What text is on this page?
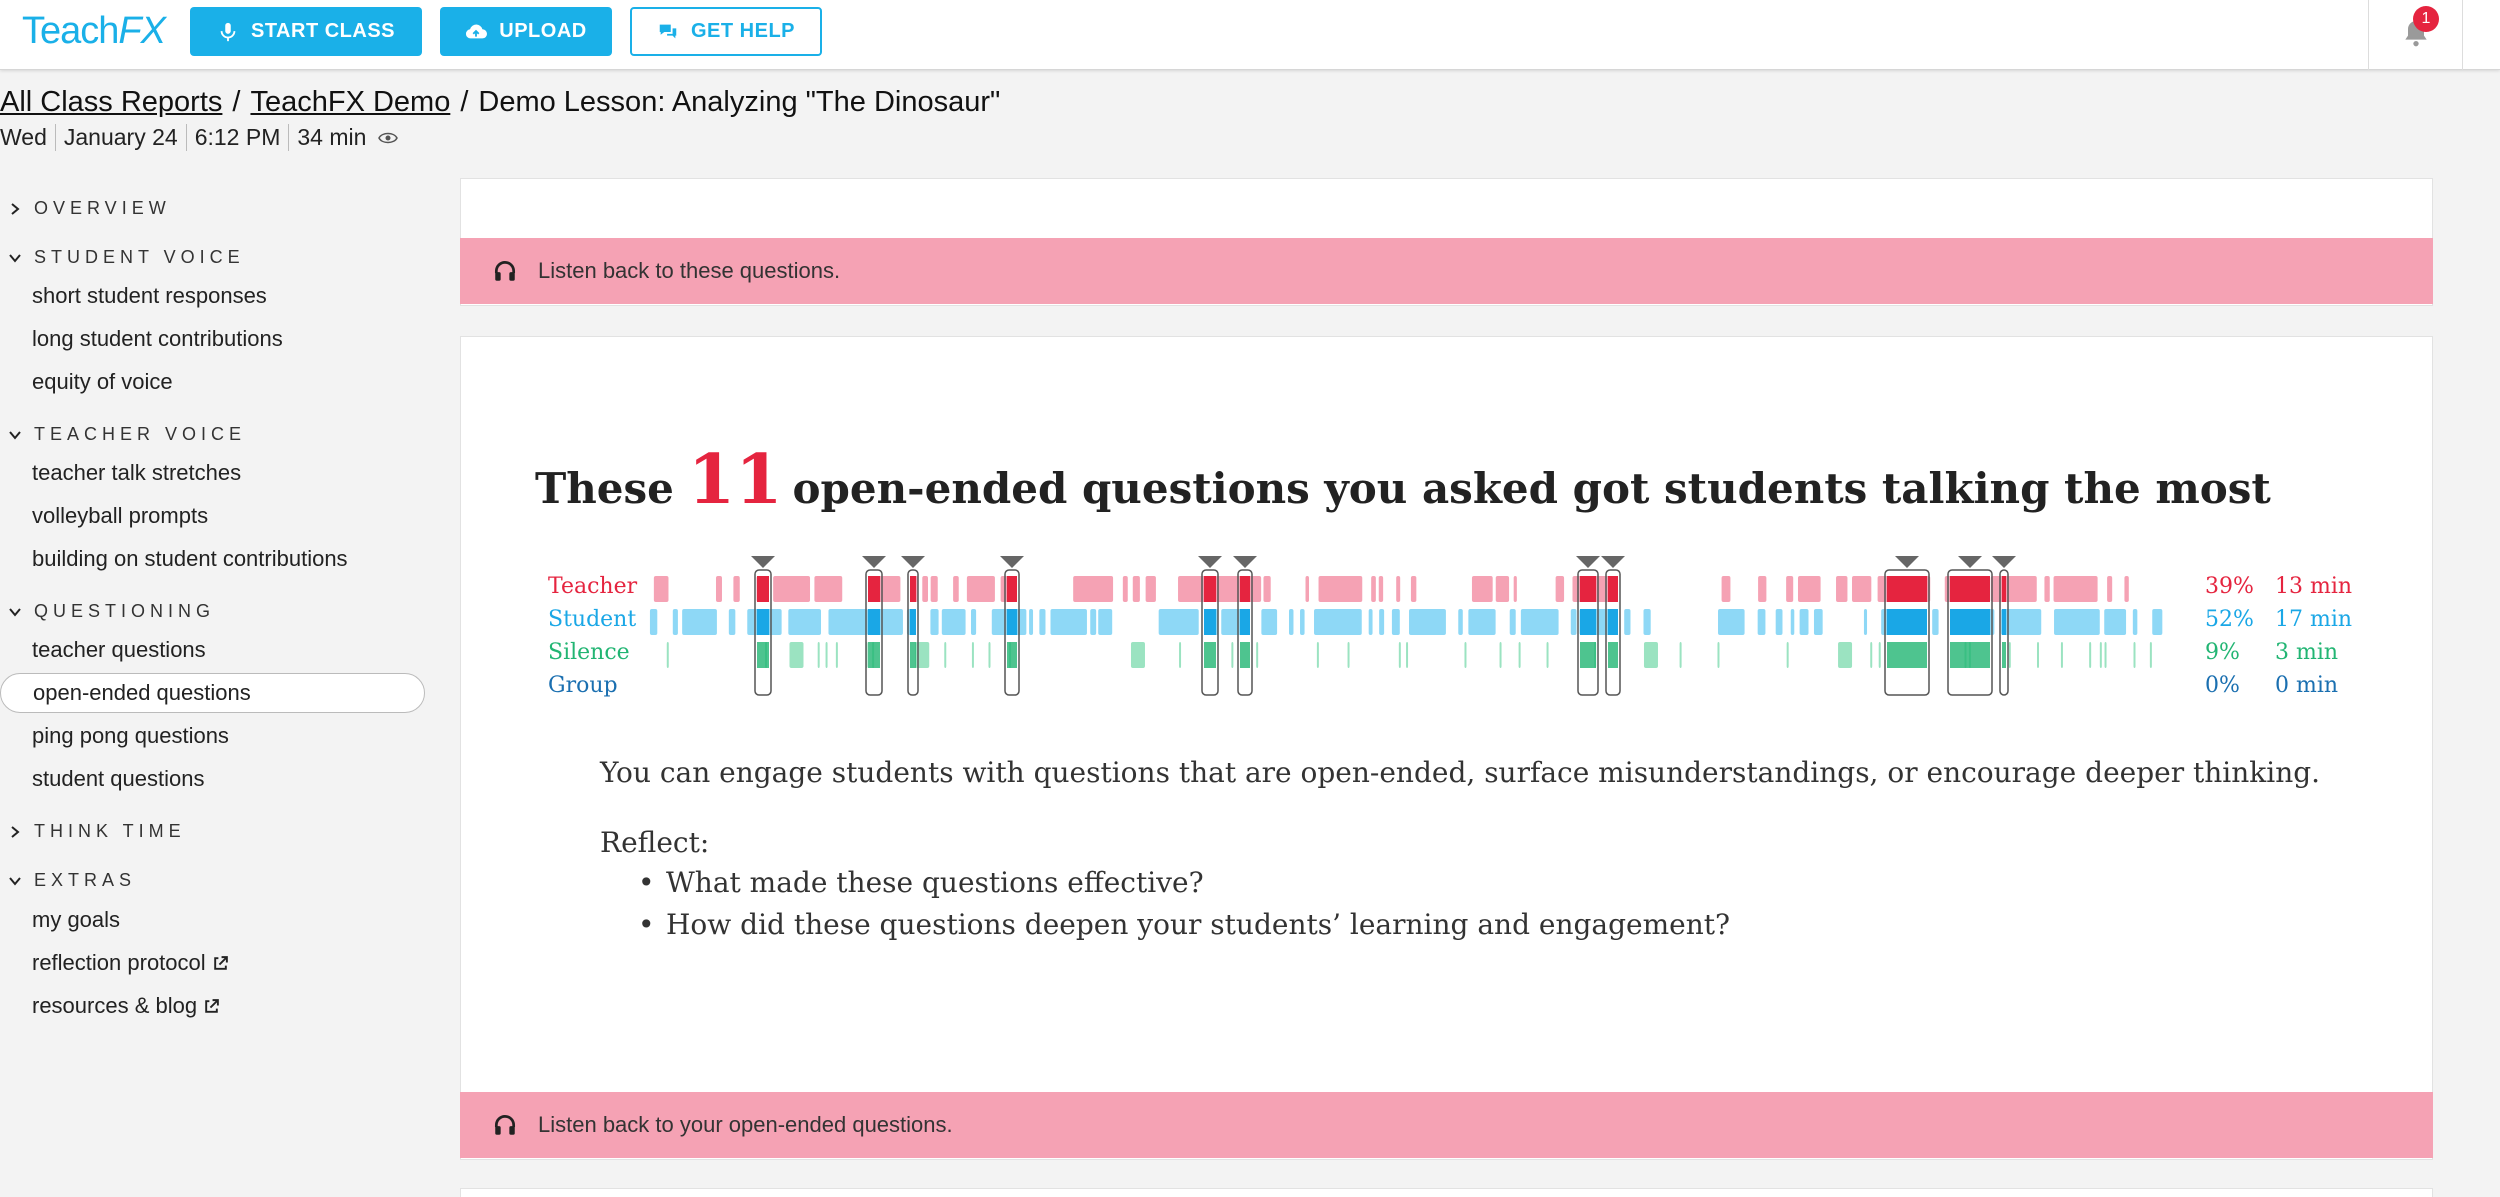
TeachFX	START CLASS	UPLOAD	GET HELP
1
All Class Reports / TeachFX Demo / Demo Lesson: Analyzing "The Dinosaur"
Wed January 24 6:12 PM 34 min
OVERVIEW
STUDENT VOICE
short student responses
long student contributions
equity of voice
TEACHER VOICE
teacher talk stretches
volleyball prompts
building on student contributions
QUESTIONING
teacher questions
open-ended questions
ping pong questions
student questions
THINK TIME
EXTRAS
my goals
reflection protocol
resources & blog
Listen back to these questions.
These 11 open-ended questions you asked got students talking the most
Teacher
Student
Silence
Group
39% 13 min
52% 17 min
9% 3 min
0% 0 min
You can engage students with questions that are open-ended, surface misunderstandings, or encourage deeper thinking.
Reflect:
• What made these questions effective?
• How did these questions deepen your students’ learning and engagement?
Listen back to your open-ended questions.
